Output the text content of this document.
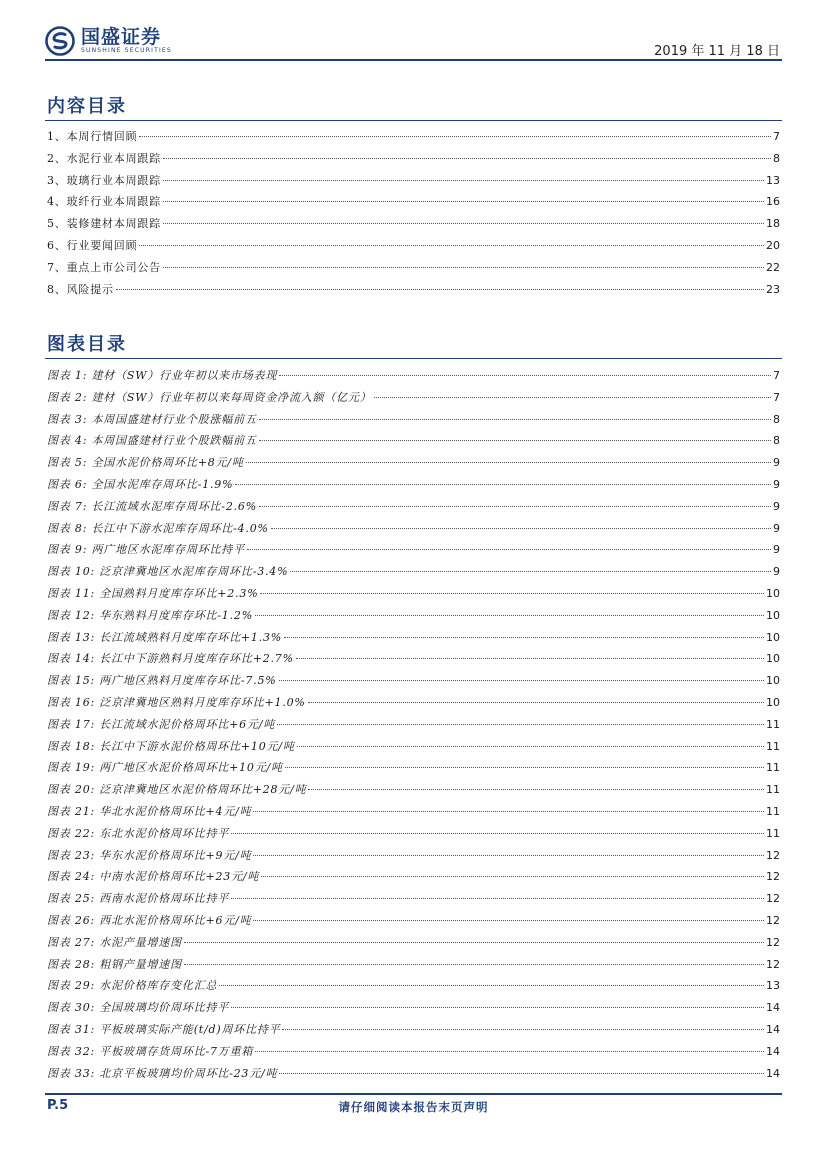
国盛证券
SUNSHINE SECURITIES	2019 年 11 月 18 日
内容目录
1、本周行情回顾	7
2、水泥行业本周跟踪	8
3、玻璃行业本周跟踪	13
4、玻纤行业本周跟踪	16
5、装修建材本周跟踪	18
6、行业要闻回顾	20
7、重点上市公司公告	22
8、风险提示	23
图表目录
图表 1: 建材（SW）行业年初以来市场表现	7
图表 2: 建材（SW）行业年初以来每周资金净流入额（亿元）	7
图表 3: 本周国盛建材行业个股涨幅前五	8
图表 4: 本周国盛建材行业个股跌幅前五	8
图表 5: 全国水泥价格周环比+8元/吨	9
图表 6: 全国水泥库存周环比-1.9%	9
图表 7: 长江流域水泥库存周环比-2.6%	9
图表 8: 长江中下游水泥库存周环比-4.0%	9
图表 9: 两广地区水泥库存周环比持平	9
图表 10: 泛京津冀地区水泥库存周环比-3.4%	9
图表 11: 全国熟料月度库存环比+2.3%	10
图表 12: 华东熟料月度库存环比-1.2%	10
图表 13: 长江流域熟料月度库存环比+1.3%	10
图表 14: 长江中下游熟料月度库存环比+2.7%	10
图表 15: 两广地区熟料月度库存环比-7.5%	10
图表 16: 泛京津冀地区熟料月度库存环比+1.0%	10
图表 17: 长江流域水泥价格周环比+6元/吨	11
图表 18: 长江中下游水泥价格周环比+10元/吨	11
图表 19: 两广地区水泥价格周环比+10元/吨	11
图表 20: 泛京津冀地区水泥价格周环比+28元/吨	11
图表 21: 华北水泥价格周环比+4元/吨	11
图表 22: 东北水泥价格周环比持平	11
图表 23: 华东水泥价格周环比+9元/吨	12
图表 24: 中南水泥价格周环比+23元/吨	12
图表 25: 西南水泥价格周环比持平	12
图表 26: 西北水泥价格周环比+6元/吨	12
图表 27: 水泥产量增速图	12
图表 28: 粗钢产量增速图	12
图表 29: 水泥价格库存变化汇总	13
图表 30: 全国玻璃均价周环比持平	14
图表 31: 平板玻璃实际产能(t/d)周环比持平	14
图表 32: 平板玻璃存货周环比-7万重箱	14
图表 33: 北京平板玻璃均价周环比-23元/吨	14
P.5	请仔细阅读本报告末页声明
